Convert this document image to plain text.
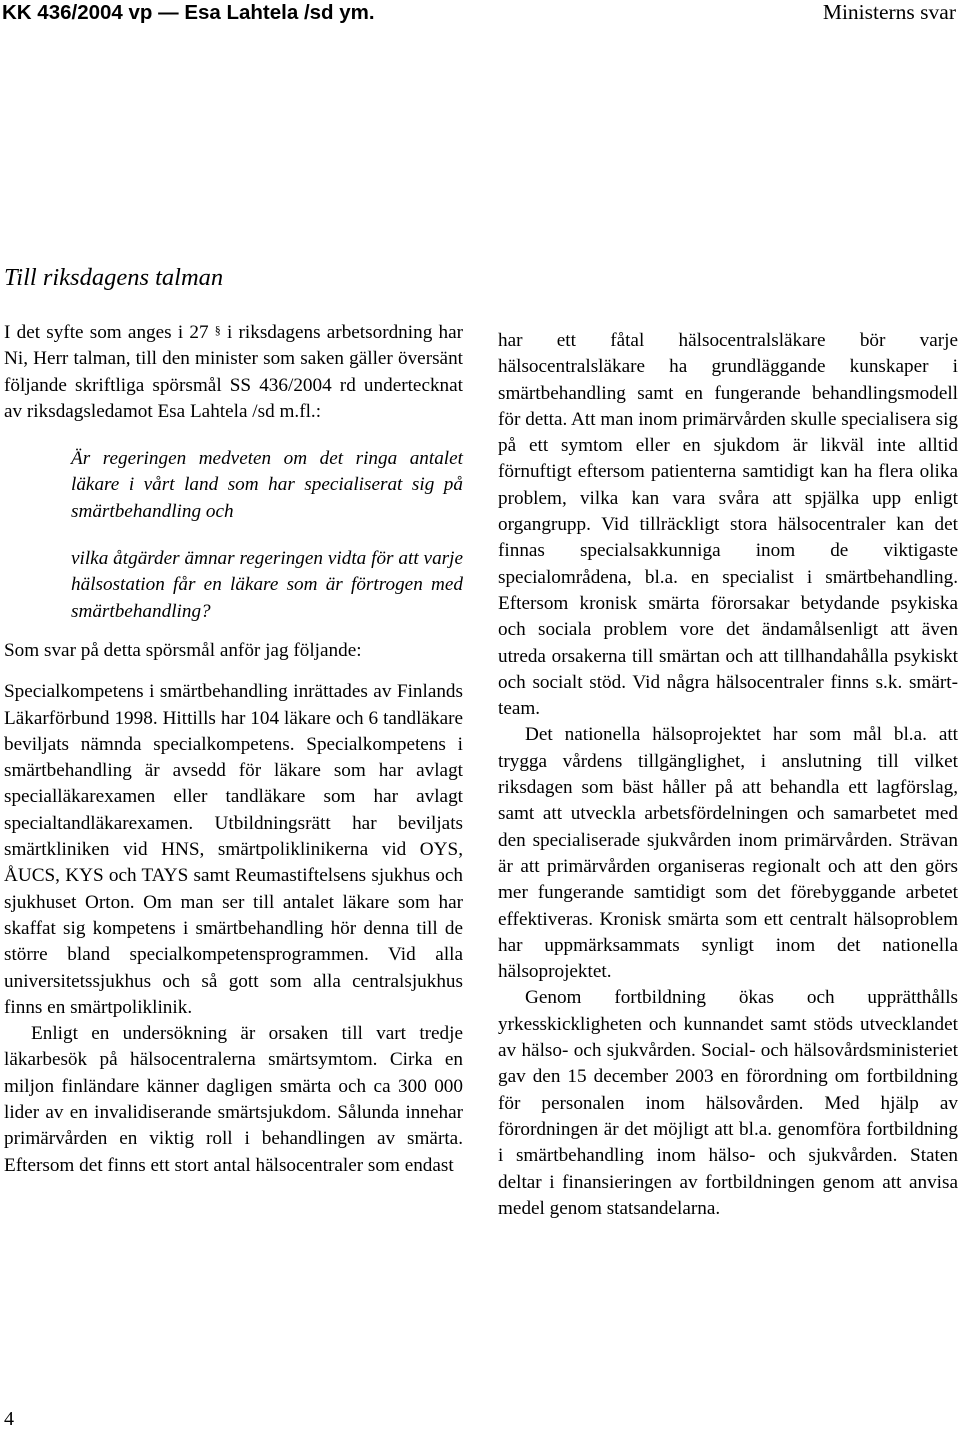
KK 436/2004 vp — Esa Lahtela /sd ym.	Ministerns svar
Till riksdagens talman

I det syfte som anges i 27 § i riksdagens arbetsordning har Ni, Herr talman, till den minister som saken gäller översänt följande skriftliga spörsmål SS 436/2004 rd undertecknat av riksdagsledamot Esa Lahtela /sd m.fl.:

Är regeringen medveten om det ringa antalet läkare i vårt land som har specialiserat sig på smärtbehandling och

vilka åtgärder ämnar regeringen vidta för att varje hälsostation får en läkare som är förtrogen med smärtbehandling?

Som svar på detta spörsmål anför jag följande:

Specialkompetens i smärtbehandling inrättades av Finlands Läkarförbund 1998. Hittills har 104 läkare och 6 tandläkare beviljats nämnda specialkompetens. Specialkompetens i smärtbehandling är avsedd för läkare som har avlagt specialläkarexamen eller tandläkare som har avlagt specialtandläkarexamen. Utbildningsrätt har beviljats smärtkliniken vid HNS, smärtpoliklinikerna vid OYS, ÅUCS, KYS och TAYS samt Reumastiftelsens sjukhus och sjukhuset Orton. Om man ser till antalet läkare som har skaffat sig kompetens i smärtbehandling hör denna till de större bland specialkompetensprogrammen. Vid alla universitetssjukhus och så gott som alla centralsjukhus finns en smärtpoliklinik.

Enligt en undersökning är orsaken till vart tredje läkarbesök på hälsocentralerna smärtsymtom. Cirka en miljon finländare känner dagligen smärta och ca 300 000 lider av en invalidiserande smärtsjukdom. Sålunda innehar primärvården en viktig roll i behandlingen av smärta. Eftersom det finns ett stort antal hälsocentraler som endast

har ett fåtal hälsocentralsläkare bör varje hälsocentralsläkare ha grundläggande kunskaper i smärtbehandling samt en fungerande behandlingsmodell för detta. Att man inom primärvården skulle specialisera sig på ett symtom eller en sjukdom är likväl inte alltid förnuftigt eftersom patienterna samtidigt kan ha flera olika problem, vilka kan vara svåra att spjälka upp enligt organgrupp. Vid tillräckligt stora hälsocentraler kan det finnas specialsakkunniga inom de viktigaste specialområdena, bl.a. en specialist i smärtbehandling. Eftersom kronisk smärta förorsakar betydande psykiska och sociala problem vore det ändamålsenligt att även utreda orsakerna till smärtan och att tillhandahålla psykiskt och socialt stöd. Vid några hälsocentraler finns s.k. smärt-team.

Det nationella hälsoprojektet har som mål bl.a. att trygga vårdens tillgänglighet, i anslutning till vilket riksdagen som bäst håller på att behandla ett lagförslag, samt att utveckla arbetsfördelningen och samarbetet med den specialiserade sjukvården inom primärvården. Strävan är att primärvården organiseras regionalt och att den görs mer fungerande samtidigt som det förebyggande arbetet effektiveras. Kronisk smärta som ett centralt hälsoproblem har uppmärksammats synligt inom det nationella hälsoprojektet.

Genom fortbildning ökas och upprätthålls yrkesskickligheten och kunnandet samt stöds utvecklandet av hälso- och sjukvården. Social- och hälsovårdsministeriet gav den 15 december 2003 en förordning om fortbildning för personalen inom hälsovården. Med hjälp av förordningen är det möjligt att bl.a. genomföra fortbildning i smärtbehandling inom hälso- och sjukvården. Staten deltar i finansieringen av fortbildningen genom att anvisa medel genom statsandelarna.

4
